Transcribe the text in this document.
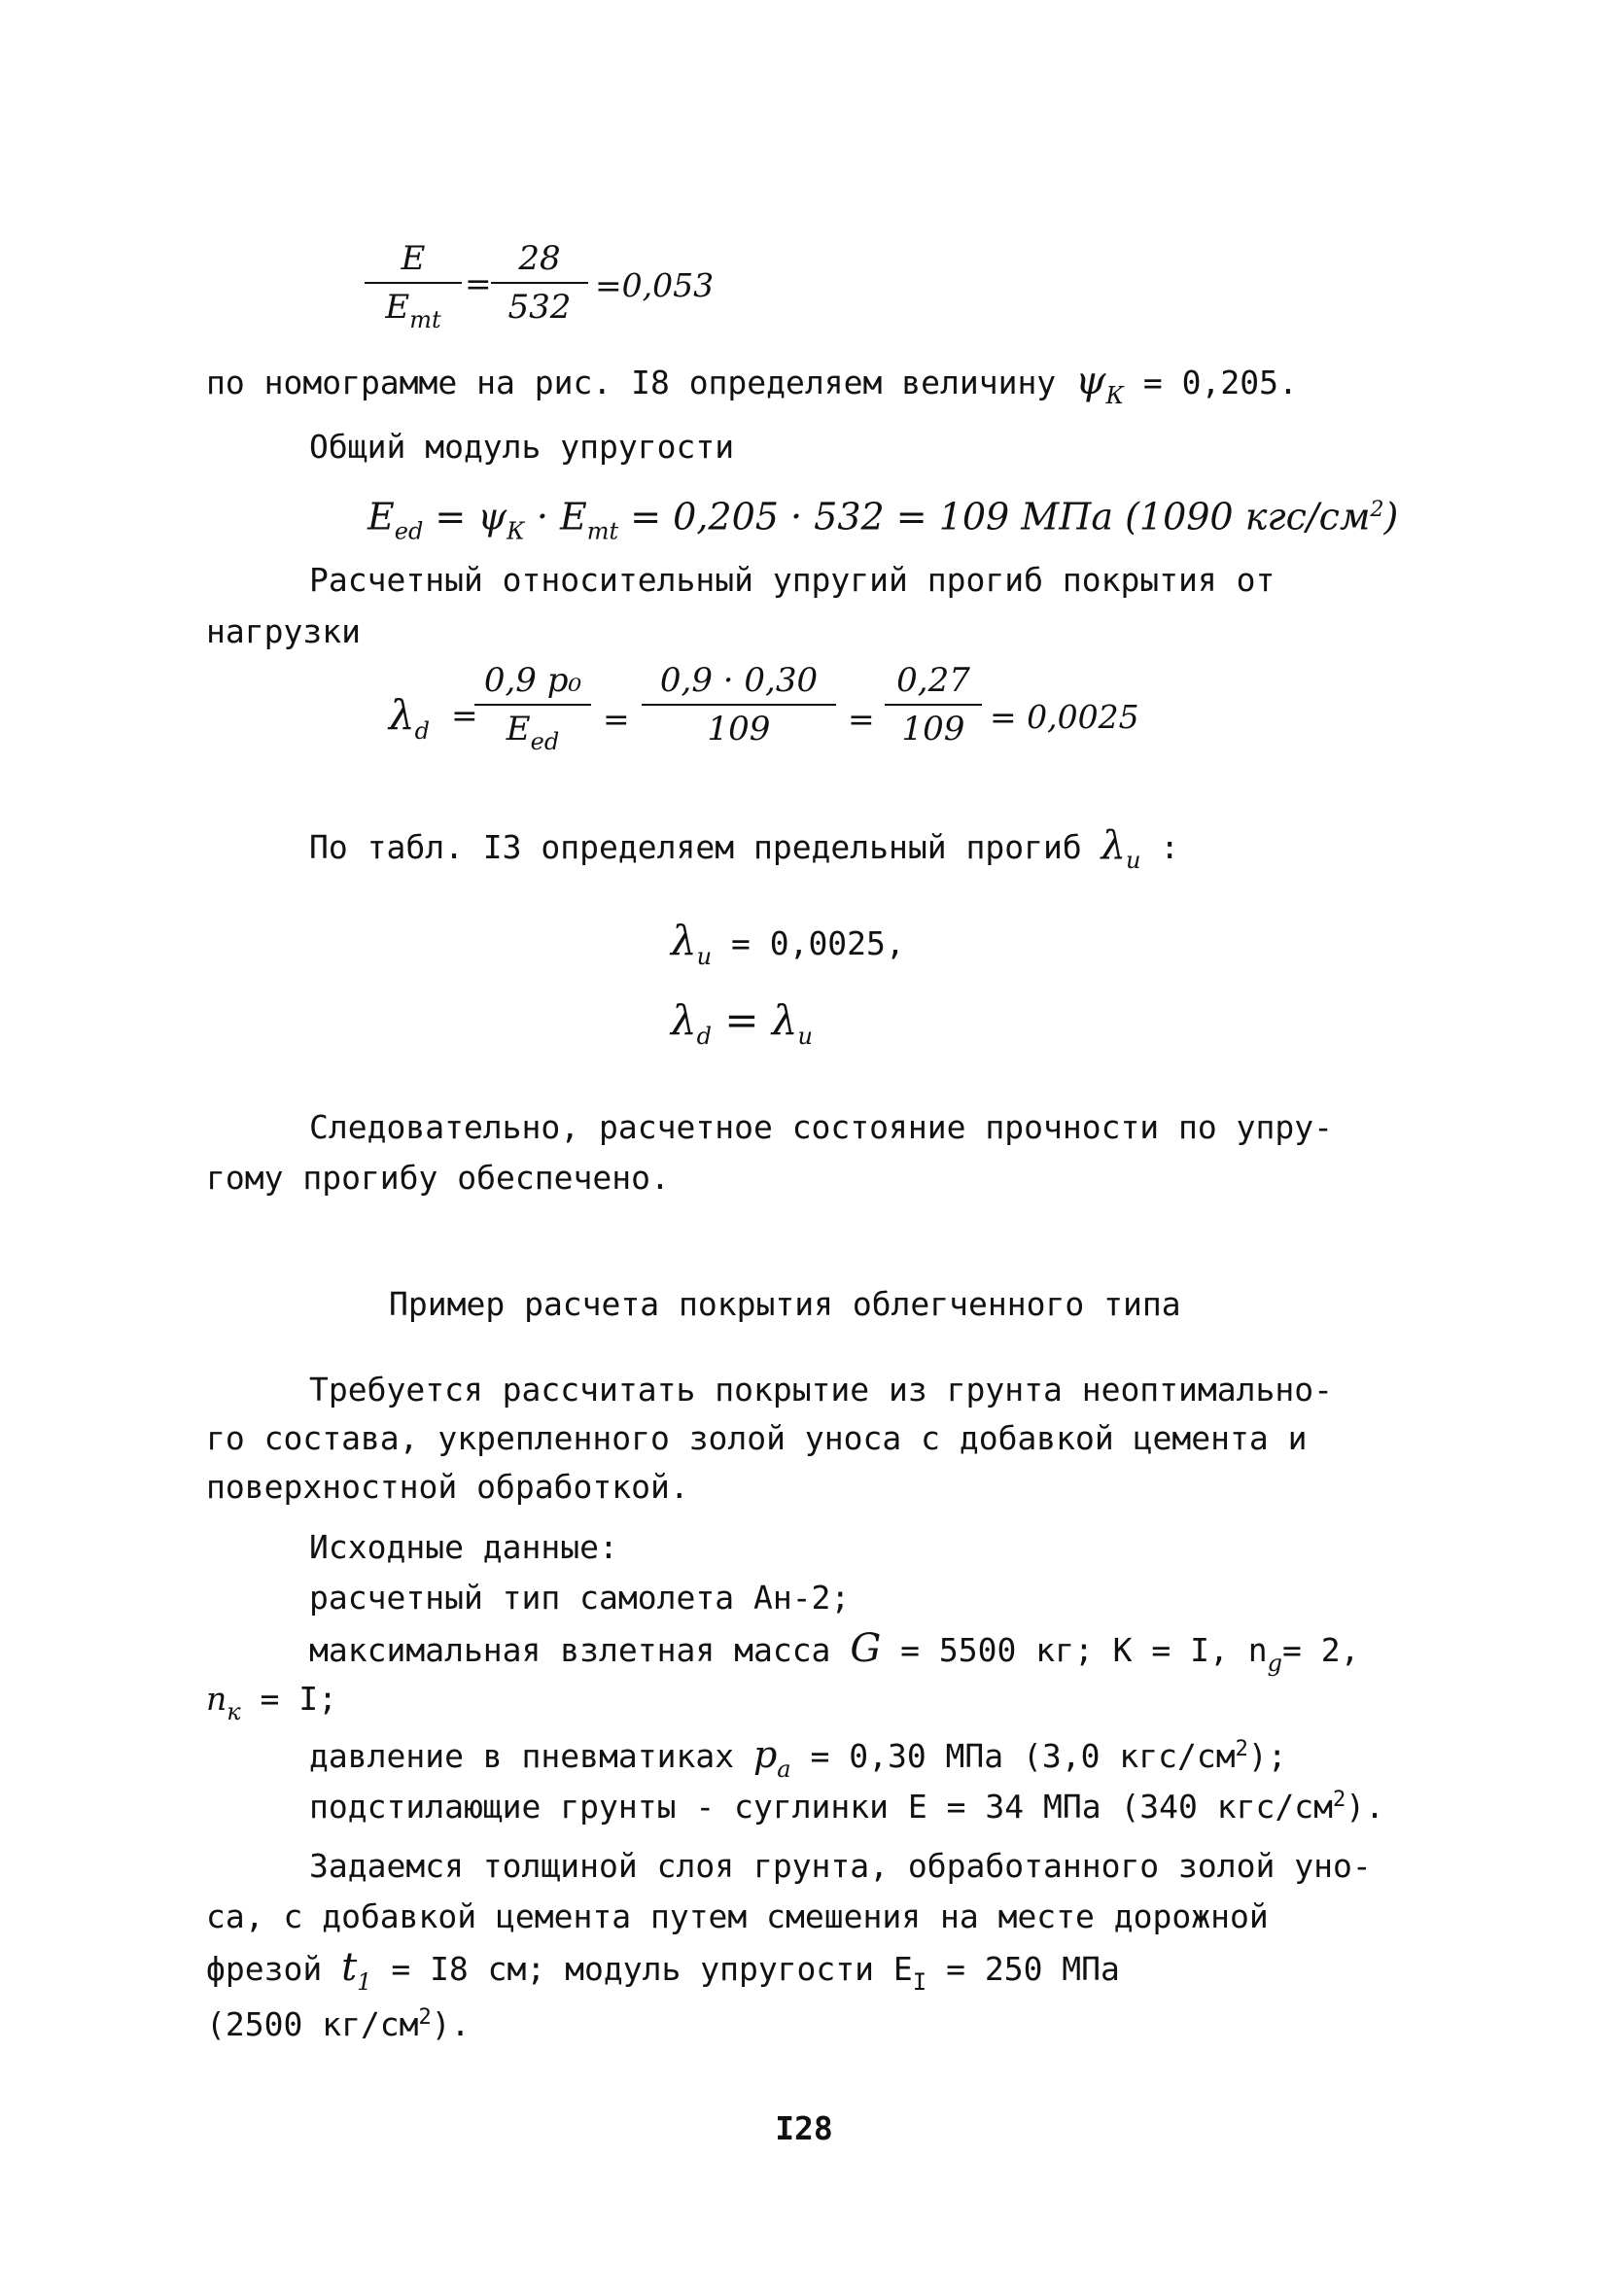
E
$E_{mt}$
=
28
532
=0,053
по номограмме на рис. I8 определяем величину $\psi_К = 0,205$.
Общий модуль упругости
$E_{ed} = \psi_К \cdot E_{mt} = 0,205 \cdot 532 = 109$ МПа (1090 кгс/$см^2$)
Расчетный относительный упругий прогиб покрытия от
нагрузки
$\lambda_d$ =
0,9 p₀
$E_{ed}$
=
0,9 · 0,30
109	=
0,27
109 = 0,0025
По табл. I3 определяем предельный прогиб $\lambda_u$ :
$\lambda_u = 0,0025$,
$\lambda_d = \lambda_u$
Следовательно, расчетное состояние прочности по упру-
гому прогибу обеспечено.
Пример расчета покрытия облегченного типа
Требуется рассчитать покрытие из грунта неоптимально-
го состава, укрепленного золой уноса с добавкой цемента и
поверхностной обработкой.
Исходные данные:
расчетный тип самолета Ан-2;
максимальная взлетная масса G = 5500 кг; К = I, $n_g= 2$,
$n_к = I$;
давление в пневматиках $p_a = 0,30$ МПа (3,0 кгс/$см^2$);
подстилающие грунты - суглинки Е = 34 МПа (340 кгс/$см^2$).
Задаемся толщиной слоя грунта, обработанного золой уно-
са, с добавкой цемента путем смешения на месте дорожной
фрезой $t_1 = I8$ см; модуль упругости $E_I = 250$ МПа
(2500 $кг/см^2$).
I28
